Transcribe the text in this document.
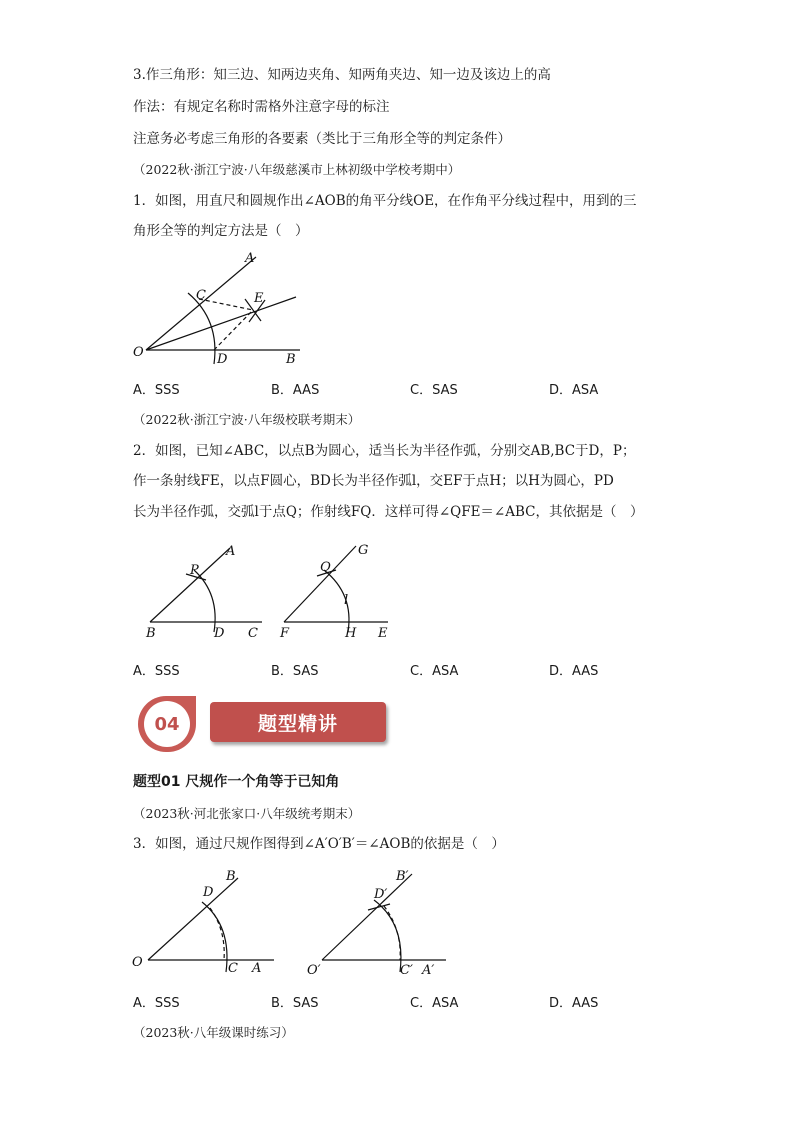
3.作三角形：知三边、知两边夹角、知两角夹边、知一边及该边上的高
作法：有规定名称时需格外注意字母的标注
注意务必考虑三角形的各要素（类比于三角形全等的判定条件）
（2022秋·浙江宁波·八年级慈溪市上林初级中学校考期中）
1．如图，用直尺和圆规作出∠AOB的角平分线OE，在作角平分线过程中，用到的三
角形全等的判定方法是（　）
A
C	E
O	D	B
A．SSS	B．AAS	C．SAS	D．ASA
（2022秋·浙江宁波·八年级校联考期末）
2．如图，已知∠ABC，以点B为圆心，适当长为半径作弧，分别交AB,BC于D，P；
作一条射线FE，以点F圆心，BD长为半径作弧l，交EF于点H；以H为圆心，PD
长为半径作弧，交弧l于点Q；作射线FQ．这样可得∠QFE＝∠ABC，其依据是（　）
A
P
B	D C
G
Q
l
F	H E
A．SSS	B．SAS	C．ASA	D．AAS
04	题型精讲
题型01 尺规作一个角等于已知角
（2023秋·河北张家口·八年级统考期末）
3．如图，通过尺规作图得到∠A′O′B′＝∠AOB的依据是（　）
D
B
O	C A
D′
B′
O′	C′ A′
A．SSS	B．SAS	C．ASA	D．AAS
（2023秋·八年级课时练习）
